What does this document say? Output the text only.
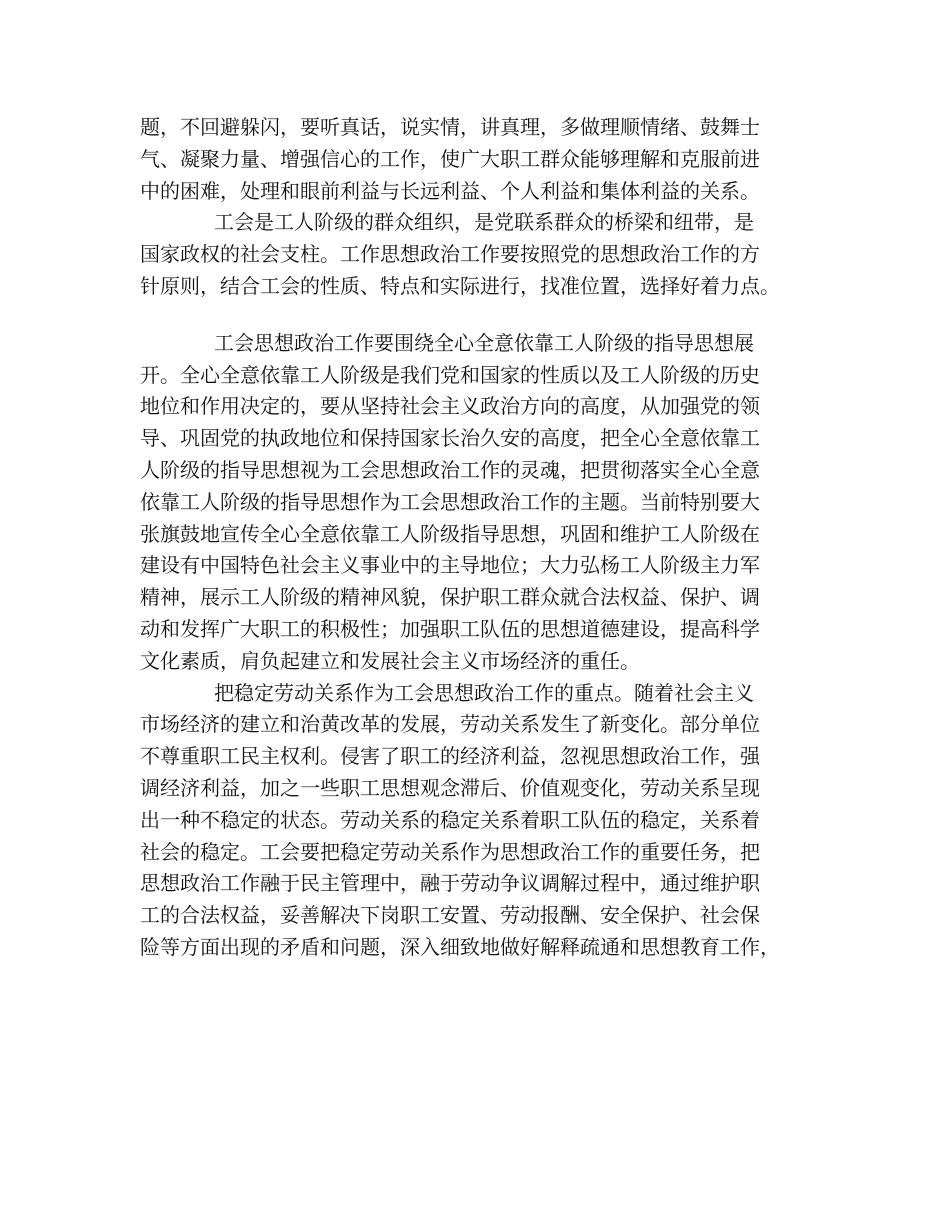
题，不回避躲闪，要听真话，说实情，讲真理，多做理顺情绪、鼓舞士
气、凝聚力量、增强信心的工作，使广大职工群众能够理解和克服前进
中的困难，处理和眼前利益与长远利益、个人利益和集体利益的关系。
工会是工人阶级的群众组织，是党联系群众的桥梁和纽带，是
国家政权的社会支柱。工作思想政治工作要按照党的思想政治工作的方
针原则，结合工会的性质、特点和实际进行，找准位置，选择好着力点。
工会思想政治工作要围绕全心全意依靠工人阶级的指导思想展
开。全心全意依靠工人阶级是我们党和国家的性质以及工人阶级的历史
地位和作用决定的，要从坚持社会主义政治方向的高度，从加强党的领
导、巩固党的执政地位和保持国家长治久安的高度，把全心全意依靠工
人阶级的指导思想视为工会思想政治工作的灵魂，把贯彻落实全心全意
依靠工人阶级的指导思想作为工会思想政治工作的主题。当前特别要大
张旗鼓地宣传全心全意依靠工人阶级指导思想，巩固和维护工人阶级在
建设有中国特色社会主义事业中的主导地位；大力弘杨工人阶级主力军
精神，展示工人阶级的精神风貌，保护职工群众就合法权益、保护、调
动和发挥广大职工的积极性；加强职工队伍的思想道德建设，提高科学
文化素质，肩负起建立和发展社会主义市场经济的重任。
把稳定劳动关系作为工会思想政治工作的重点。随着社会主义
市场经济的建立和治黄改革的发展，劳动关系发生了新变化。部分单位
不尊重职工民主权利。侵害了职工的经济利益，忽视思想政治工作，强
调经济利益，加之一些职工思想观念滞后、价值观变化，劳动关系呈现
出一种不稳定的状态。劳动关系的稳定关系着职工队伍的稳定，关系着
社会的稳定。工会要把稳定劳动关系作为思想政治工作的重要任务，把
思想政治工作融于民主管理中，融于劳动争议调解过程中，通过维护职
工的合法权益，妥善解决下岗职工安置、劳动报酬、安全保护、社会保
险等方面出现的矛盾和问题，深入细致地做好解释疏通和思想教育工作，
